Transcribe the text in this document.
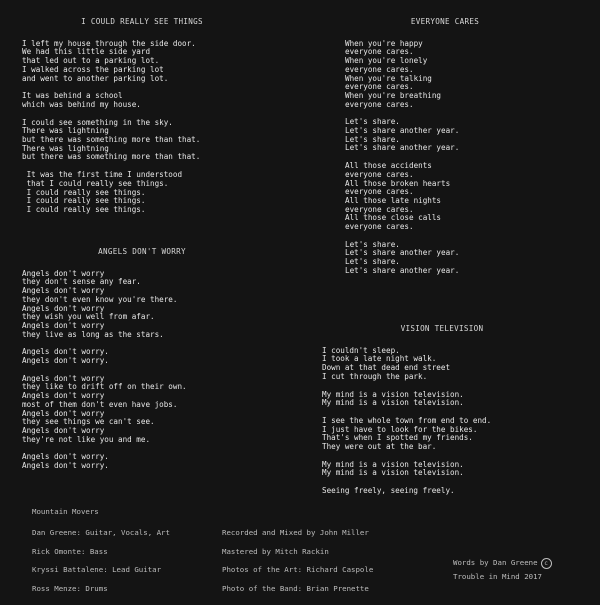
I COULD REALLY SEE THINGS
I left my house through the side door.
We had this little side yard
that led out to a parking lot.
I walked across the parking lot
and went to another parking lot.
It was behind a school
which was behind my house.
I could see something in the sky.
There was lightning
but there was something more than that.
There was lightning
but there was something more than that.
It was the first time I understood
that I could really see things.
I could really see things.
I could really see things.
I could really see things.
ANGELS DON'T WORRY
Angels don't worry
they don't sense any fear.
Angels don't worry
they don't even know you're there.
Angels don't worry
they wish you well from afar.
Angels don't worry
they live as long as the stars.
Angels don't worry.
Angels don't worry.
Angels don't worry
they like to drift off on their own.
Angels don't worry
most of them don't even have jobs.
Angels don't worry
they see things we can't see.
Angels don't worry
they're not like you and me.
Angels don't worry.
Angels don't worry.
EVERYONE CARES
When you're happy
everyone cares.
When you're lonely
everyone cares.
When you're talking
everyone cares.
When you're breathing
everyone cares.
Let's share.
Let's share another year.
Let's share.
Let's share another year.
All those accidents
everyone cares.
All those broken hearts
everyone cares.
All those late nights
everyone cares.
All those close calls
everyone cares.
Let's share.
Let's share another year.
Let's share.
Let's share another year.
VISION TELEVISION
I couldn't sleep.
I took a late night walk.
Down at that dead end street
I cut through the park.
My mind is a vision television.
My mind is a vision television.
I see the whole town from end to end.
I just have to look for the bikes.
That's when I spotted my friends.
They were out at the bar.
My mind is a vision television.
My mind is a vision television.
Seeing freely, seeing freely.
Mountain Movers
Dan Greene: Guitar, Vocals, Art
Rick Omonte: Bass
Kryssi Battalene: Lead Guitar
Ross Menze: Drums
Recorded and Mixed by John Miller
Mastered by Mitch Rackin
Photos of the Art: Richard Caspole
Photo of the Band: Brian Prenette
Words by Dan Greene c
Trouble in Mind 2017
